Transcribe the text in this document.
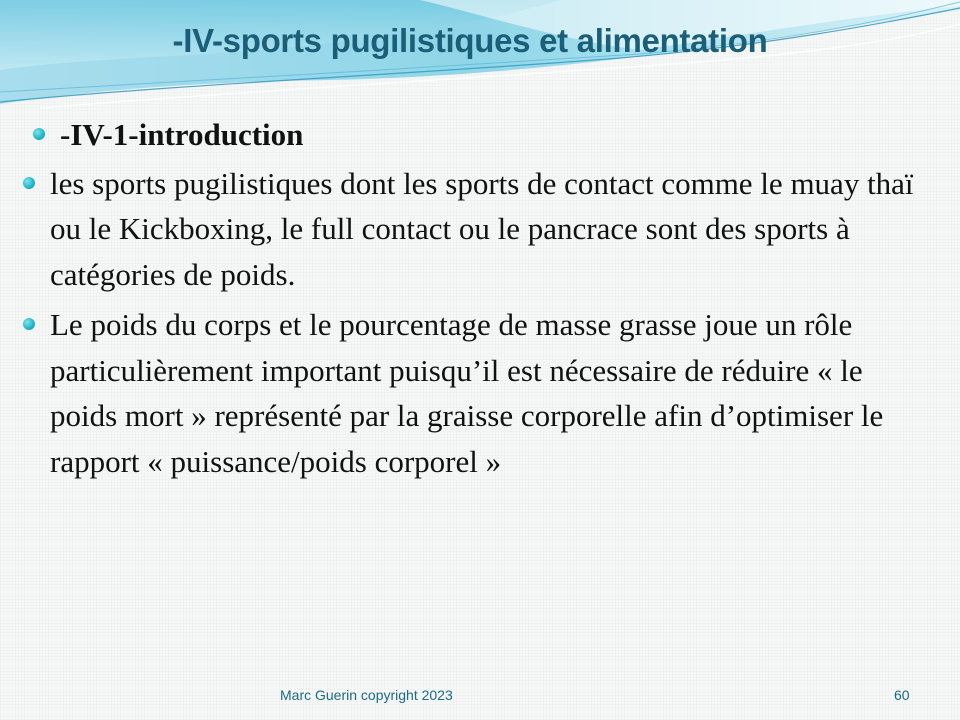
-IV-sports pugilistiques et alimentation
-IV-1-introduction
les sports pugilistiques dont les sports de contact comme le muay thaï ou le Kickboxing, le full contact ou le pancrace sont des sports à catégories de poids.
Le poids du corps et le pourcentage de masse grasse joue un rôle particulièrement important puisqu’il est nécessaire de réduire « le poids mort » représenté par la graisse corporelle afin d’optimiser le rapport « puissance/poids corporel »
Marc Guerin copyright 2023	60
